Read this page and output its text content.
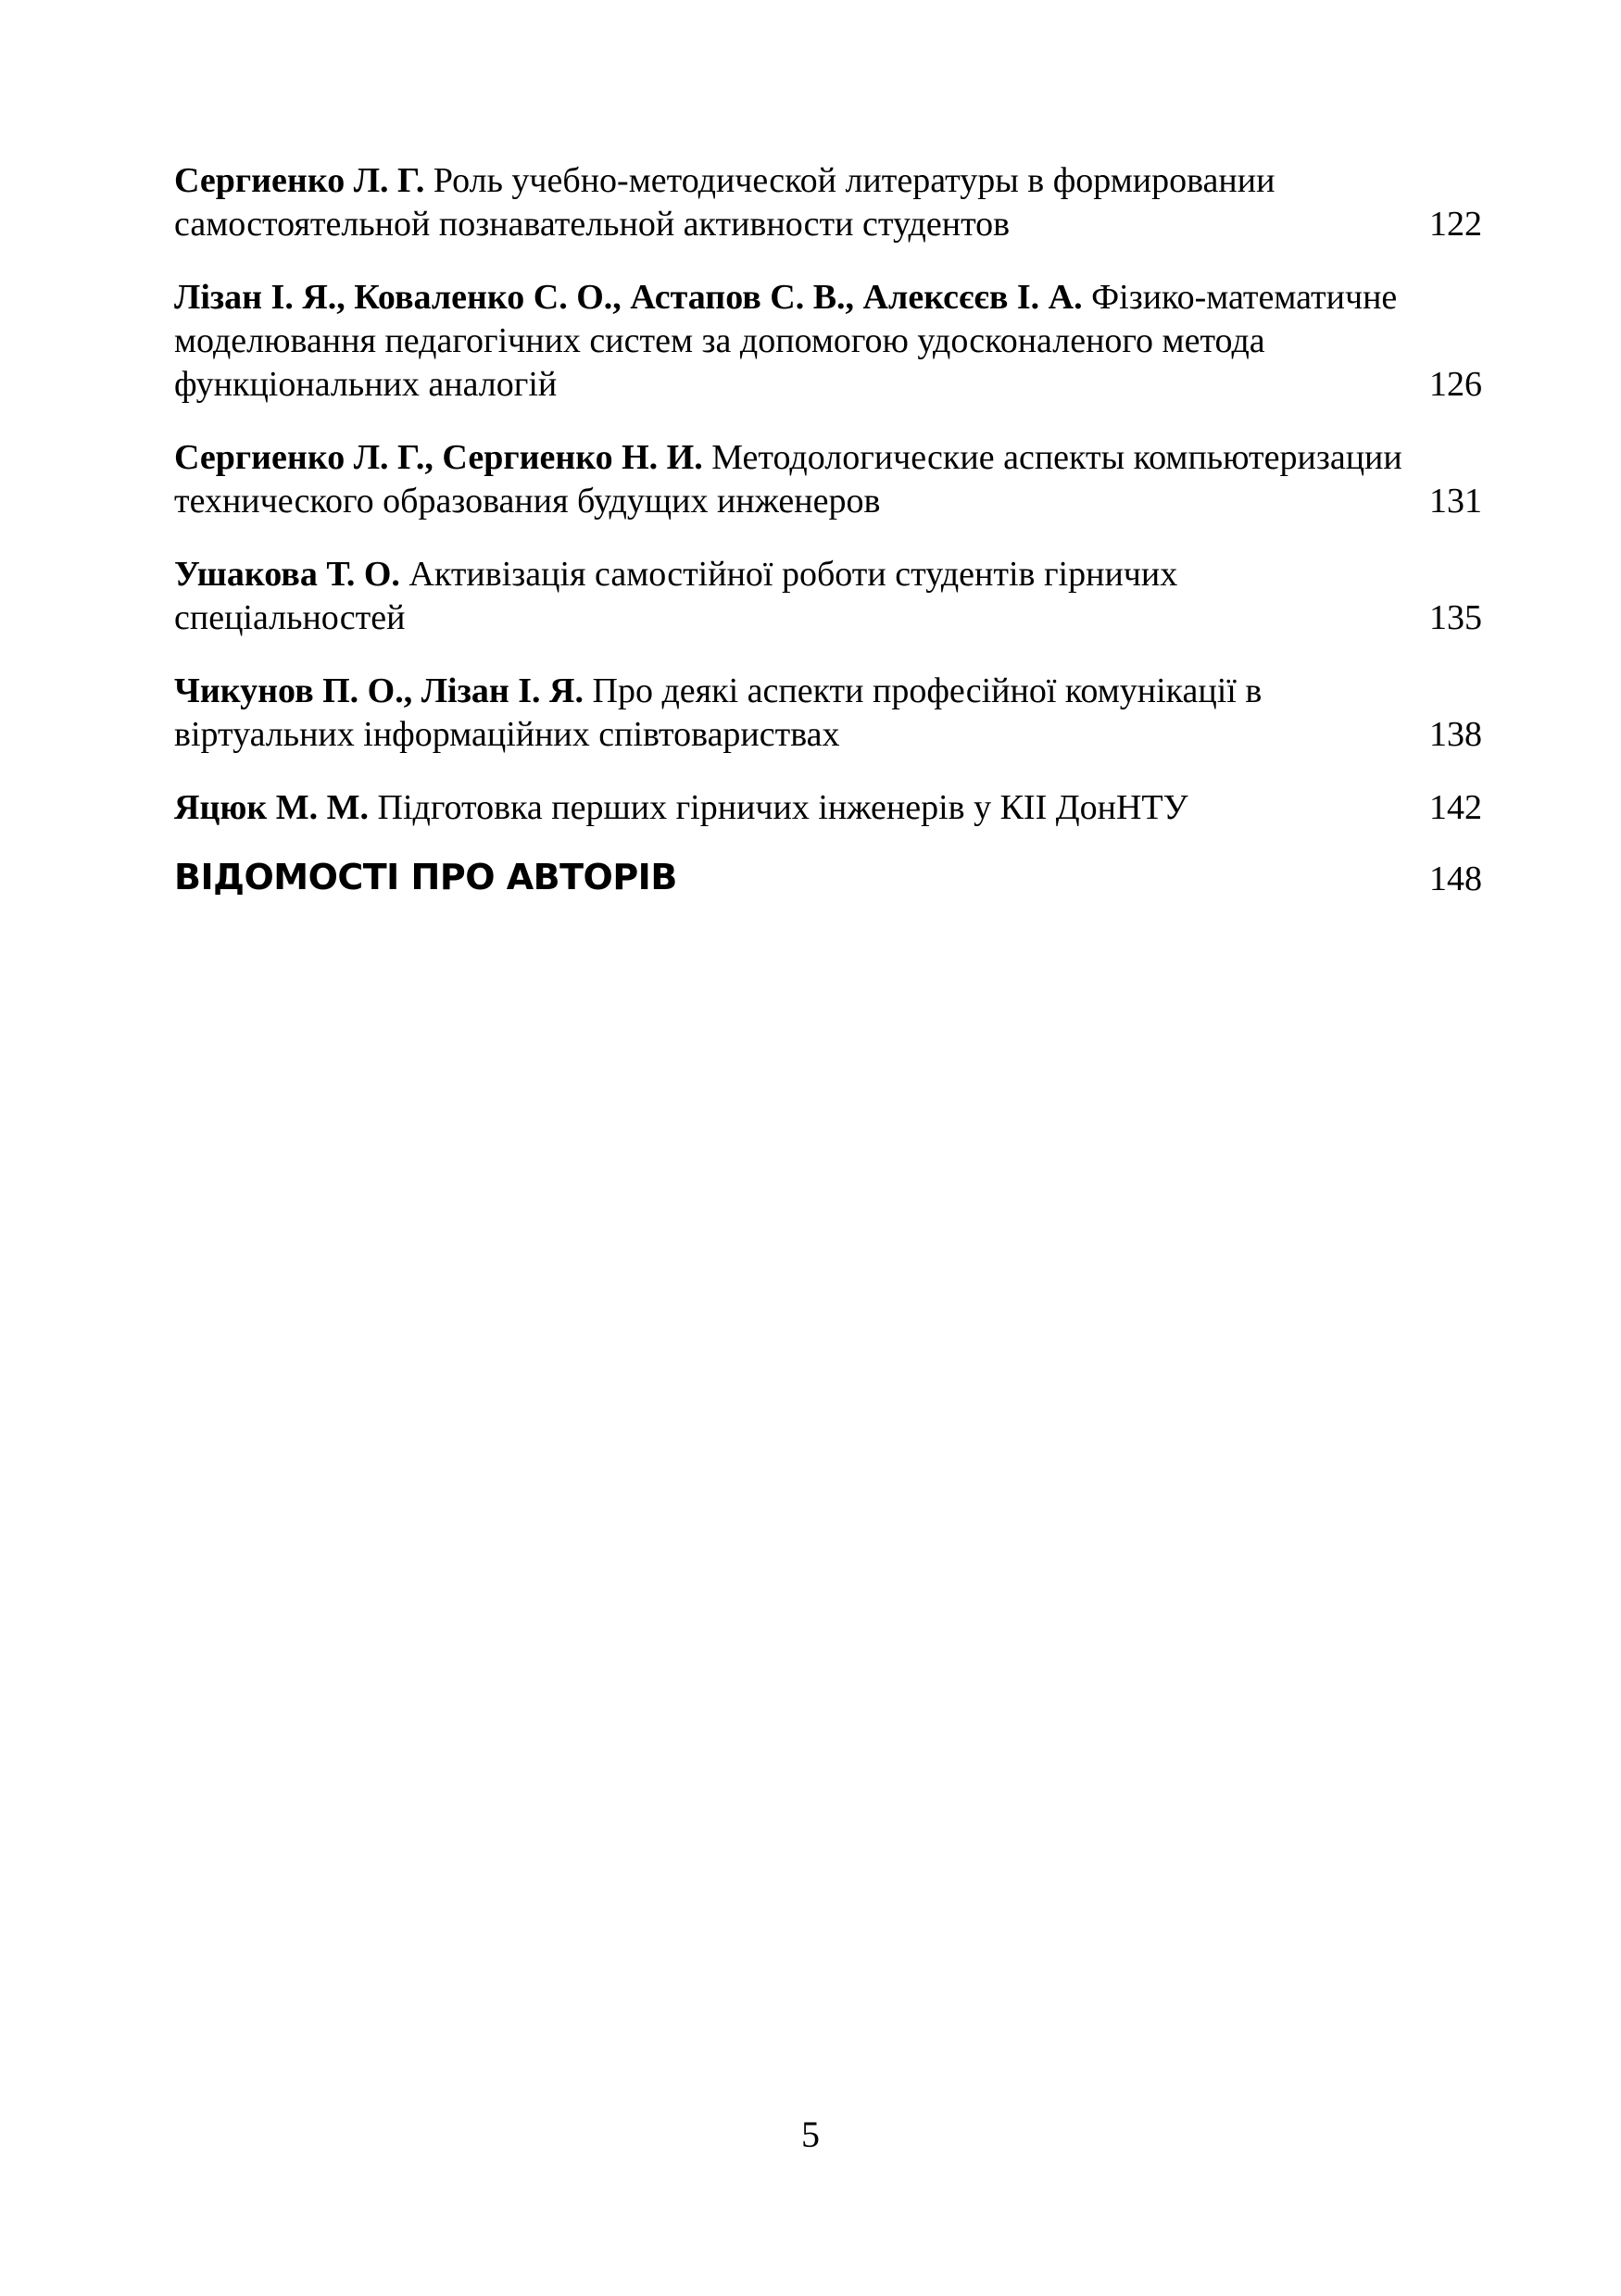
Сергиенко Л. Г. Роль учебно-методической литературы в формировании самостоятельной познавательной активности студентов	122
Лізан І. Я., Коваленко С. О., Астапов С. В., Алексєєв І. А. Фізико-математичне моделювання педагогічних систем за допомогою удосконаленого метода функціональних аналогій	126
Сергиенко Л. Г., Сергиенко Н. И. Методологические аспекты компьютеризации технического образования будущих инженеров	131
Ушакова Т. О. Активізація самостійної роботи студентів гірничих спеціальностей	135
Чикунов П. О., Лізан І. Я. Про деякі аспекти професійної комунікації в віртуальних інформаційних співтовариствах	138
Яцюк М. М. Підготовка перших гірничих інженерів у КІІ ДонНТУ	142
ВІДОМОСТІ ПРО АВТОРІВ	148
5
